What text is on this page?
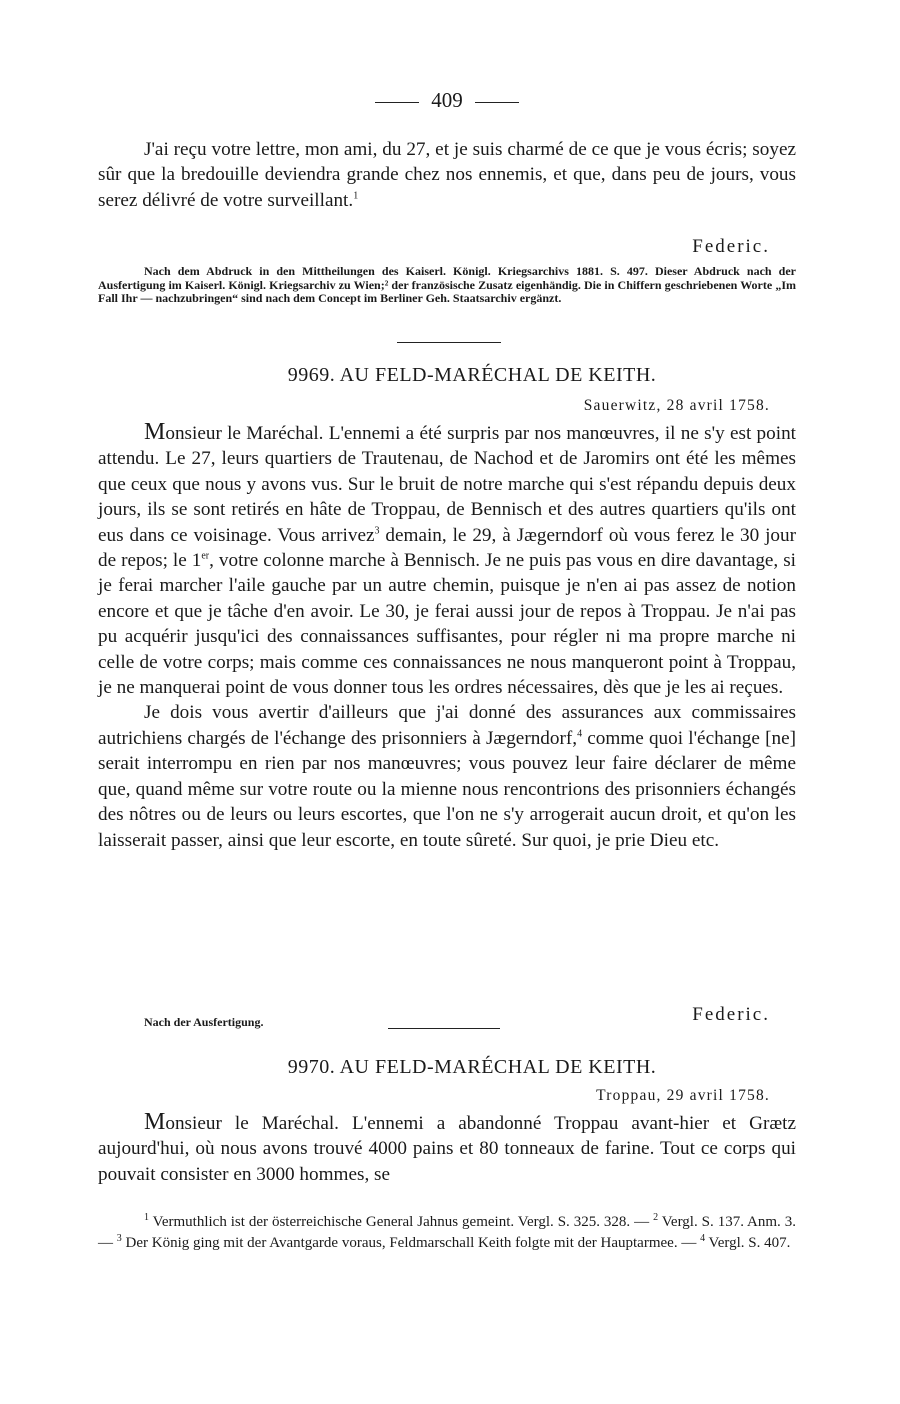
409

J'ai reçu votre lettre, mon ami, du 27, et je suis charmé de ce que je vous écris; soyez sûr que la bredouille deviendra grande chez nos ennemis, et que, dans peu de jours, vous serez délivré de votre surveillant.$^1$

Federic.

Nach dem Abdruck in den Mittheilungen des Kaiserl. Königl. Kriegsarchivs 1881. S. 497. Dieser Abdruck nach der Ausfertigung im Kaiserl. Königl. Kriegsarchiv zu Wien;² der französische Zusatz eigenhändig. Die in Chiffern geschriebenen Worte „Im Fall Ihr — nachzubringen“ sind nach dem Concept im Berliner Geh. Staatsarchiv ergänzt.

9969. AU FELD-MARÉCHAL DE KEITH.
Sauerwitz, 28 avril 1758.

Monsieur le Maréchal. L'ennemi a été surpris par nos manœuvres, il ne s'y est point attendu. Le 27, leurs quartiers de Trautenau, de Nachod et de Jaromirs ont été les mêmes que ceux que nous y avons vus. Sur le bruit de notre marche qui s'est répandu depuis deux jours, ils se sont retirés en hâte de Troppau, de Bennisch et des autres quartiers qu'ils ont eus dans ce voisinage. Vous arrivez$^3$ demain, le 29, à Jægerndorf où vous ferez le 30 jour de repos; le 1er, votre colonne marche à Bennisch. Je ne puis pas vous en dire davantage, si je ferai marcher l'aile gauche par un autre chemin, puisque je n'en ai pas assez de notion encore et que je tâche d'en avoir. Le 30, je ferai aussi jour de repos à Troppau. Je n'ai pas pu acquérir jusqu'ici des connaissances suffisantes, pour régler ni ma propre marche ni celle de votre corps; mais comme ces connaissances ne nous manqueront point à Troppau, je ne manquerai point de vous donner tous les ordres nécessaires, dès que je les ai reçues.

Je dois vous avertir d'ailleurs que j'ai donné des assurances aux commissaires autrichiens chargés de l'échange des prisonniers à Jægerndorf,$^4$ comme quoi l'échange [ne] serait interrompu en rien par nos manœuvres; vous pouvez leur faire déclarer de même que, quand même sur votre route ou la mienne nous rencontrions des prisonniers échangés des nôtres ou de leurs ou leurs escortes, que l'on ne s'y arrogerait aucun droit, et qu'on les laisserait passer, ainsi que leur escorte, en toute sûreté. Sur quoi, je prie Dieu etc.

Nach der Ausfertigung.	Federic.
9970. AU FELD-MARÉCHAL DE KEITH.
Troppau, 29 avril 1758.

Monsieur le Maréchal. L'ennemi a abandonné Troppau avant-hier et Grætz aujourd'hui, où nous avons trouvé 4000 pains et 80 tonneaux de farine. Tout ce corps qui pouvait consister en 3000 hommes, se

$^1$ Vermuthlich ist der österreichische General Jahnus gemeint. Vergl. S. 325. 328. — $^2$ Vergl. S. 137. Anm. 3. — $^3$ Der König ging mit der Avantgarde voraus, Feldmarschall Keith folgte mit der Hauptarmee. — $^4$ Vergl. S. 407.
